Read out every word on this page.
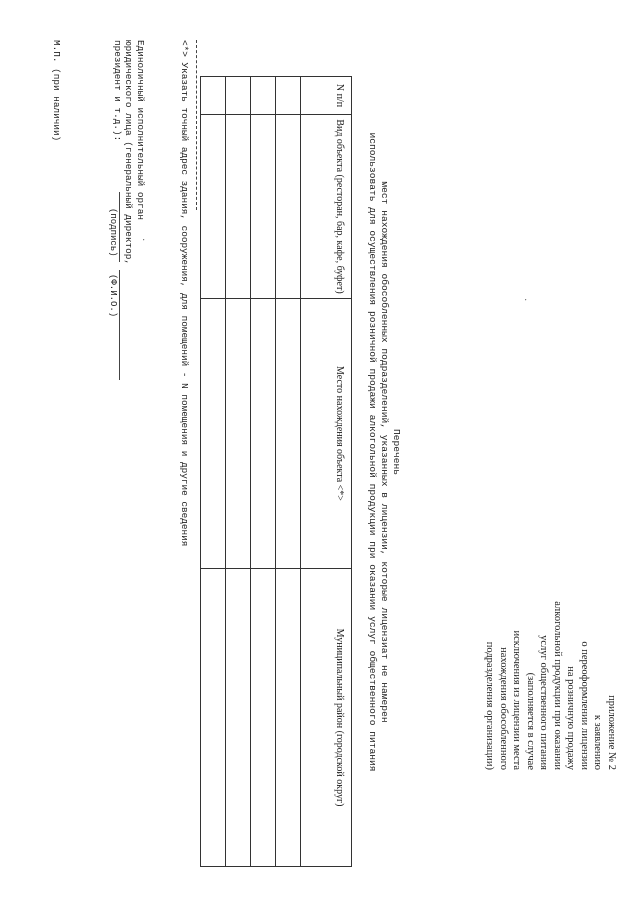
приложение № 2
к заявлению
о переоформлении лицензии
на розничную продажу
алкогольной продукции при оказании
услуг общественного питания
(заполняется в случае
исключения из лицензии места
нахождения обособленного
подразделения организации)
·
Перечень
мест нахождения обособленных подразделений, указанных в лицензии, которые лицензиат не намерен
использовать для осуществления розничной продажи алкогольной продукции при оказании услуг общественного питания
N п/п	Вид объекта (ресторан, бар, кафе, буфет)	Место нахождения объекта <*>	Муниципальный район (городской округ)

<*> Указать точный адрес здания, сооружения, для помещений - N помещения и другие сведения
Единоличный исполнительный орган
юридического лица (генеральный директор,
президент и т.д.):
·
(подпись)
(Ф.И.О.)
М.П. (при наличии)
